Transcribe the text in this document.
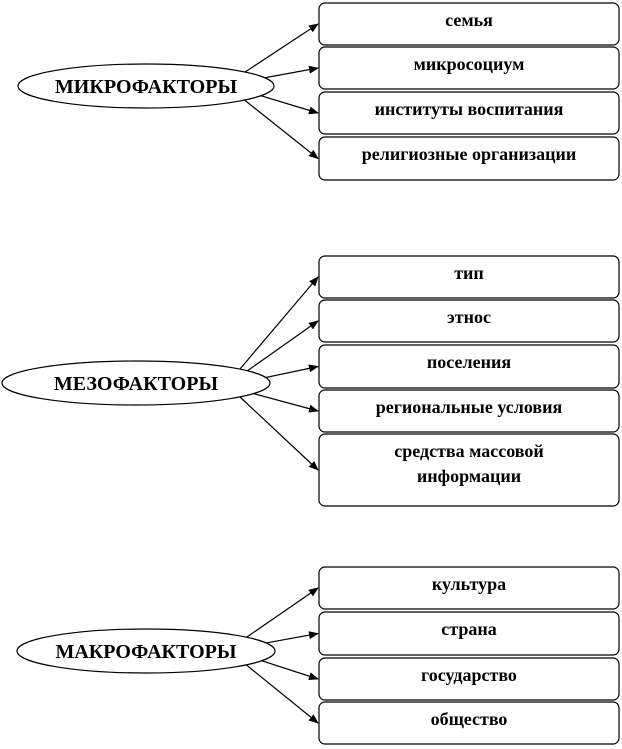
МИКРОФАКТОРЫ
семья
микросоциум
институты воспитания
религиозные организации
МЕЗОФАКТОРЫ
тип
этнос
поселения
региональные условия
средства массовой
информации
МАКРОФАКТОРЫ
культура
страна
государство
общество
